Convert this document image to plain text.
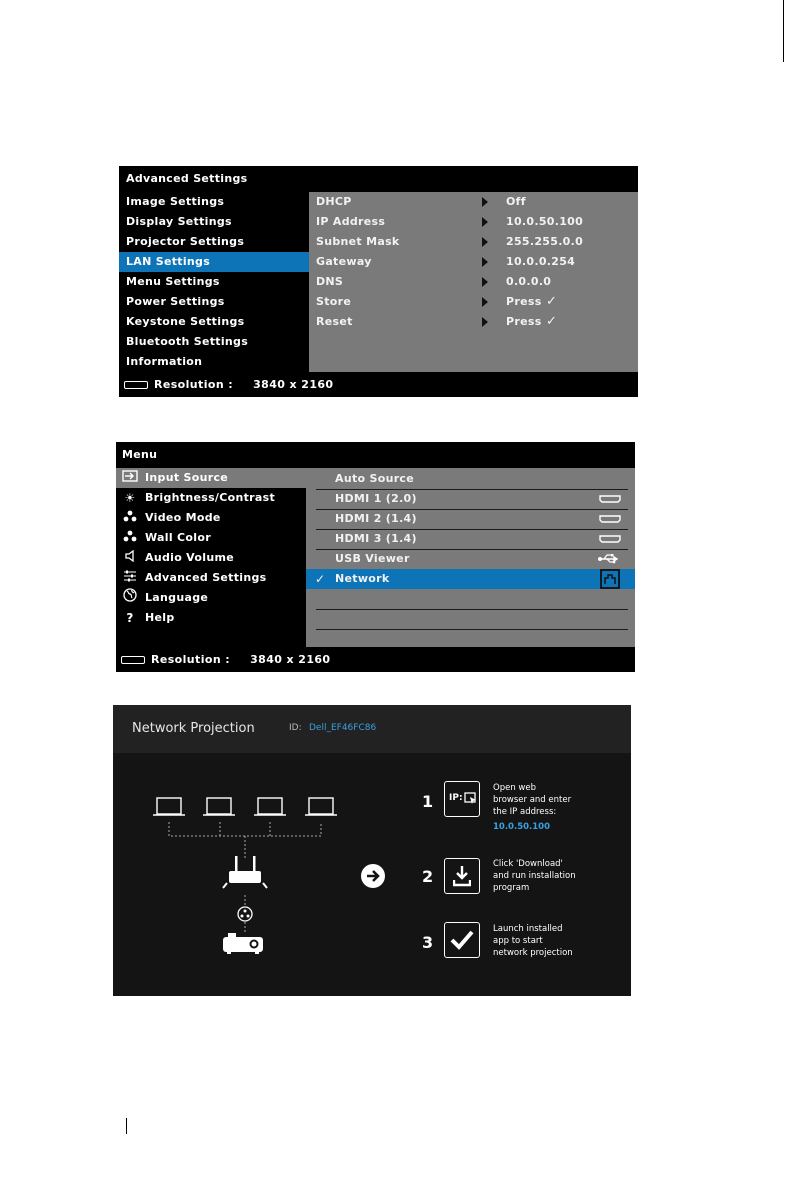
Advanced Settings
Image Settings
Display Settings
Projector Settings
LAN Settings
Menu Settings
Power Settings
Keystone Settings
Bluetooth Settings
Information
DHCP	Off
IP Address	10.0.50.100
Subnet Mask	255.255.0.0
Gateway	10.0.0.254
DNS	0.0.0.0
Store	Press ✓
Reset	Press ✓
Resolution : 3840 x 2160
Menu
Input Source
☀ Brightness/Contrast
Video Mode
Wall Color
Audio Volume
Advanced Settings
Language
?	Help
Auto Source
HDMI 1 (2.0)
HDMI 2 (1.4)
HDMI 3 (1.4)
USB Viewer
✓ Network
Resolution : 3840 x 2160
Network Projection	ID: Dell_EF46FC86
1 IP:
Open web
browser and enter
the IP address:
10.0.50.100
2
Click 'Download'
and run installation
program
3
Launch installed
app to start
network projection
